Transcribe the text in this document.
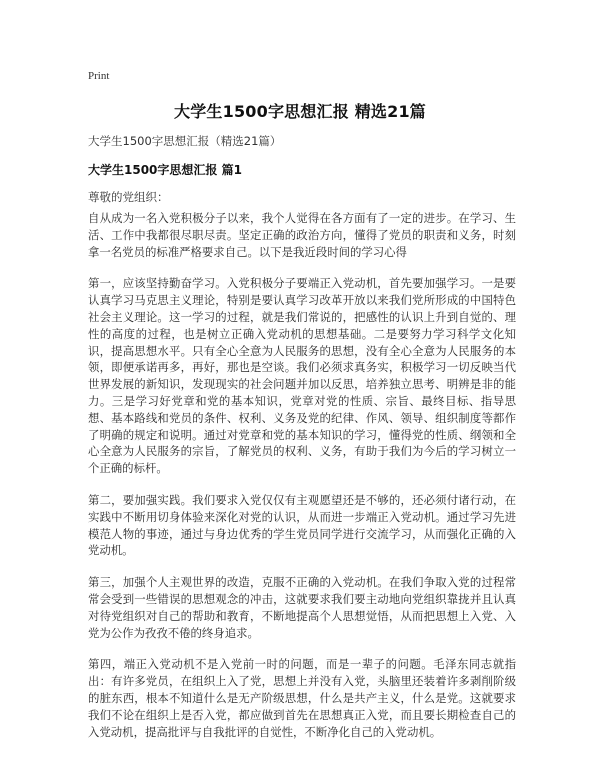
Print
大学生1500字思想汇报 精选21篇
大学生1500字思想汇报（精选21篇）
大学生1500字思想汇报 篇1
尊敬的党组织：

自从成为一名入党积极分子以来，我个人觉得在各方面有了一定的进步。在学习、生活、工作中我都很尽职尽责。坚定正确的政治方向，懂得了党员的职责和义务，时刻拿一名党员的标准严格要求自己。以下是我近段时间的学习心得

第一，应该坚持勤奋学习。入党积极分子要端正入党动机，首先要加强学习。一是要认真学习马克思主义理论，特别是要认真学习改革开放以来我们党所形成的中国特色社会主义理论。这一学习的过程，就是我们常说的，把感性的认识上升到自觉的、理性的高度的过程，也是树立正确入党动机的思想基础。二是要努力学习科学文化知识，提高思想水平。只有全心全意为人民服务的思想，没有全心全意为人民服务的本领，即便承诺再多，再好，那也是空谈。我们必须求真务实，积极学习一切反映当代世界发展的新知识，发现现实的社会问题并加以反思，培养独立思考、明辨是非的能力。三是学习好党章和党的基本知识，党章对党的性质、宗旨、最终目标、指导思想、基本路线和党员的条件、权利、义务及党的纪律、作风、领导、组织制度等都作了明确的规定和说明。通过对党章和党的基本知识的学习，懂得党的性质、纲领和全心全意为人民服务的宗旨，了解党员的权利、义务，有助于我们为今后的学习树立一个正确的标杆。

第二，要加强实践。我们要求入党仅仅有主观愿望还是不够的，还必须付诸行动，在实践中不断用切身体验来深化对党的认识，从而进一步端正入党动机。通过学习先进模范人物的事迹，通过与身边优秀的学生党员同学进行交流学习，从而强化正确的入党动机。

第三，加强个人主观世界的改造，克服不正确的入党动机。在我们争取入党的过程常常会受到一些错误的思想观念的冲击，这就要求我们要主动地向党组织靠拢并且认真对待党组织对自己的帮助和教育，不断地提高个人思想觉悟，从而把思想上入党、入党为公作为孜孜不倦的终身追求。

第四，端正入党动机不是入党前一时的问题，而是一辈子的问题。毛泽东同志就指出：有许多党员，在组织上入了党，思想上并没有入党，头脑里还装着许多剥削阶级的脏东西，根本不知道什么是无产阶级思想，什么是共产主义，什么是党。这就要求我们不论在组织上是否入党，都应做到首先在思想真正入党，而且要长期检查自己的入党动机，提高批评与自我批评的自觉性，不断净化自己的入党动机。
